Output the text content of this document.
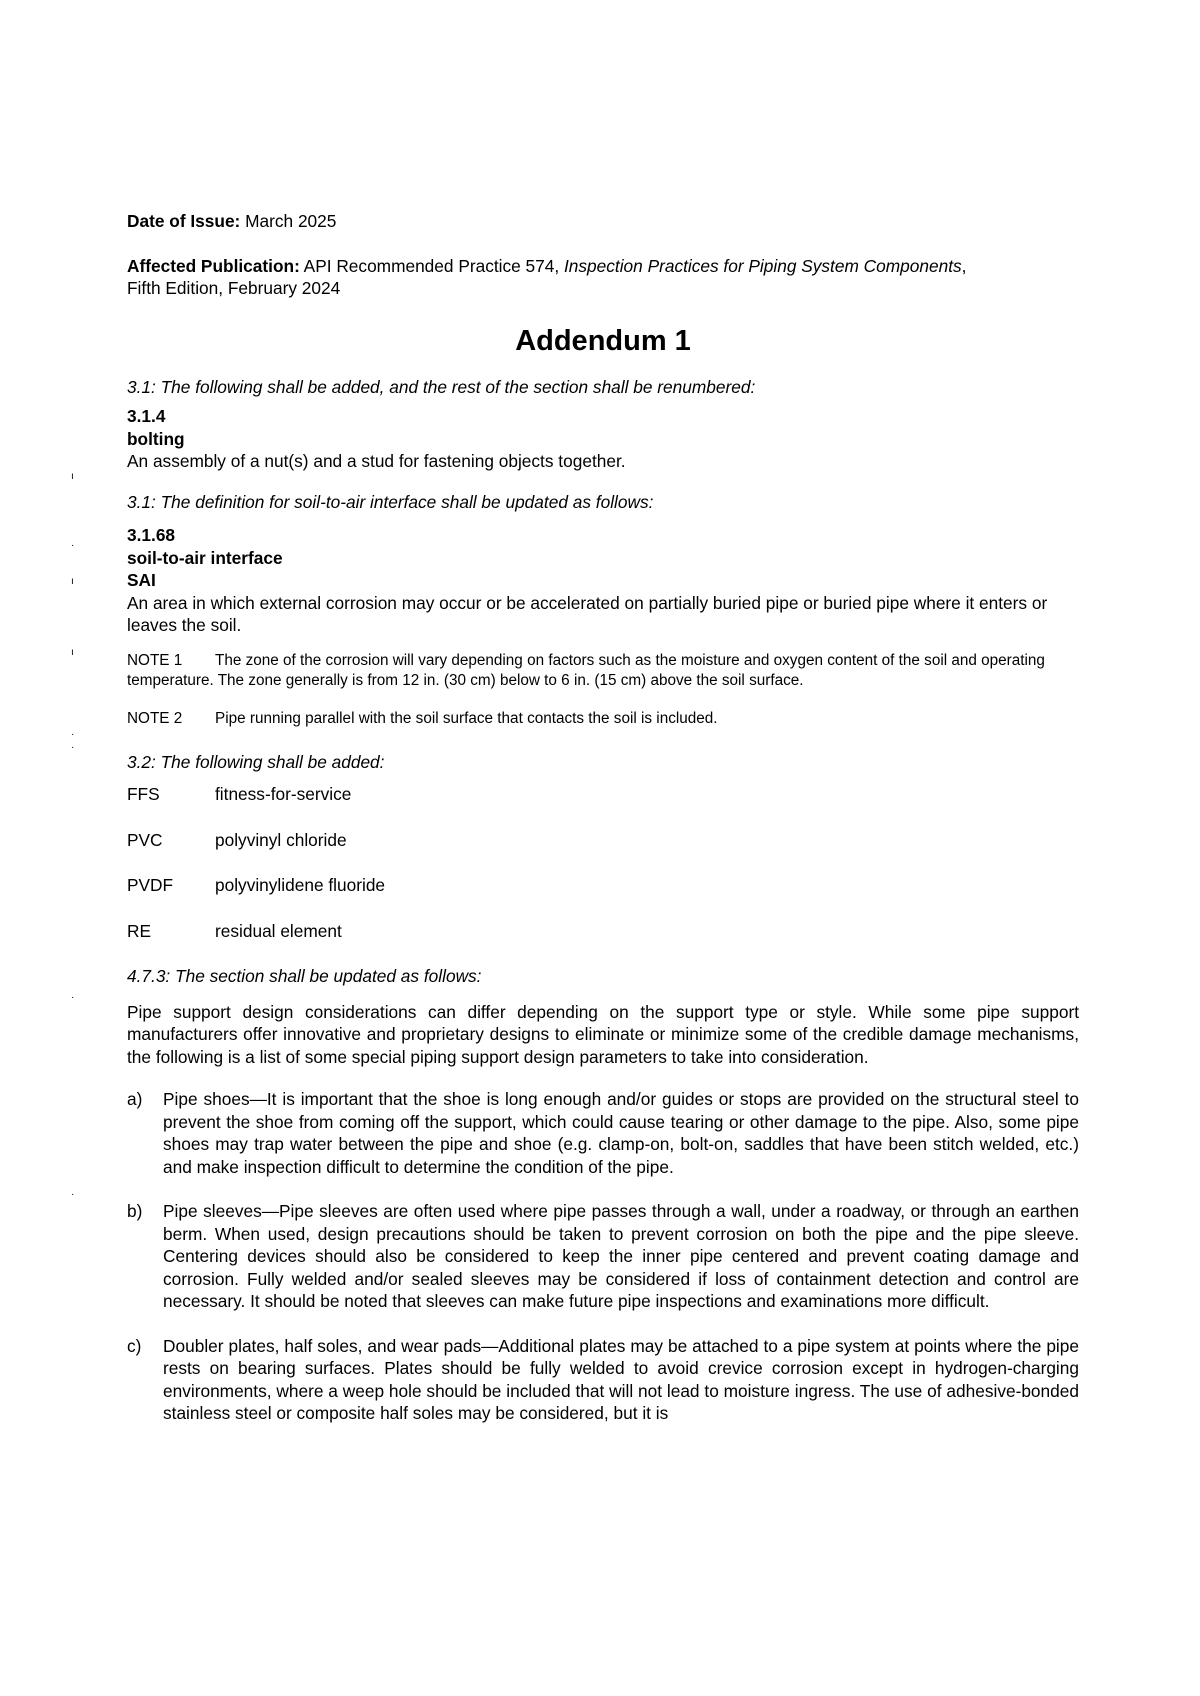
ı
·
ı
ı
·
·
·
·

Date of Issue: March 2025

Affected Publication: API Recommended Practice 574, Inspection Practices for Piping System Components,
Fifth Edition, February 2024

Addendum 1

3.1: The following shall be added, and the rest of the section shall be renumbered:

3.1.4

bolting

An assembly of a nut(s) and a stud for fastening objects together.

3.1: The definition for soil-to-air interface shall be updated as follows:

3.1.68

soil-to-air interface

SAI

An area in which external corrosion may occur or be accelerated on partially buried pipe or buried pipe where it enters or leaves the soil.

NOTE 1 The zone of the corrosion will vary depending on factors such as the moisture and oxygen content of the soil and operating temperature. The zone generally is from 12 in. (30 cm) below to 6 in. (15 cm) above the soil surface.

NOTE 2 Pipe running parallel with the soil surface that contacts the soil is included.

3.2: The following shall be added:

FFS	fitness-for-service

PVC	polyvinyl chloride

PVDF polyvinylidene fluoride

RE	residual element

4.7.3: The section shall be updated as follows:

Pipe support design considerations can differ depending on the support type or style. While some pipe support manufacturers offer innovative and proprietary designs to eliminate or minimize some of the credible damage mechanisms, the following is a list of some special piping support design parameters to take into consideration.

a) Pipe shoes—It is important that the shoe is long enough and/or guides or stops are provided on the structural steel to prevent the shoe from coming off the support, which could cause tearing or other damage to the pipe. Also, some pipe shoes may trap water between the pipe and shoe (e.g. clamp-on, bolt-on, saddles that have been stitch welded, etc.) and make inspection difficult to determine the condition of the pipe.
b) Pipe sleeves—Pipe sleeves are often used where pipe passes through a wall, under a roadway, or through an earthen berm. When used, design precautions should be taken to prevent corrosion on both the pipe and the pipe sleeve. Centering devices should also be considered to keep the inner pipe centered and prevent coating damage and corrosion. Fully welded and/or sealed sleeves may be considered if loss of containment detection and control are necessary. It should be noted that sleeves can make future pipe inspections and examinations more difficult.
c) Doubler plates, half soles, and wear pads—Additional plates may be attached to a pipe system at points where the pipe rests on bearing surfaces. Plates should be fully welded to avoid crevice corrosion except in hydrogen-charging environments, where a weep hole should be included that will not lead to moisture ingress. The use of adhesive-bonded stainless steel or composite half soles may be considered, but it is
